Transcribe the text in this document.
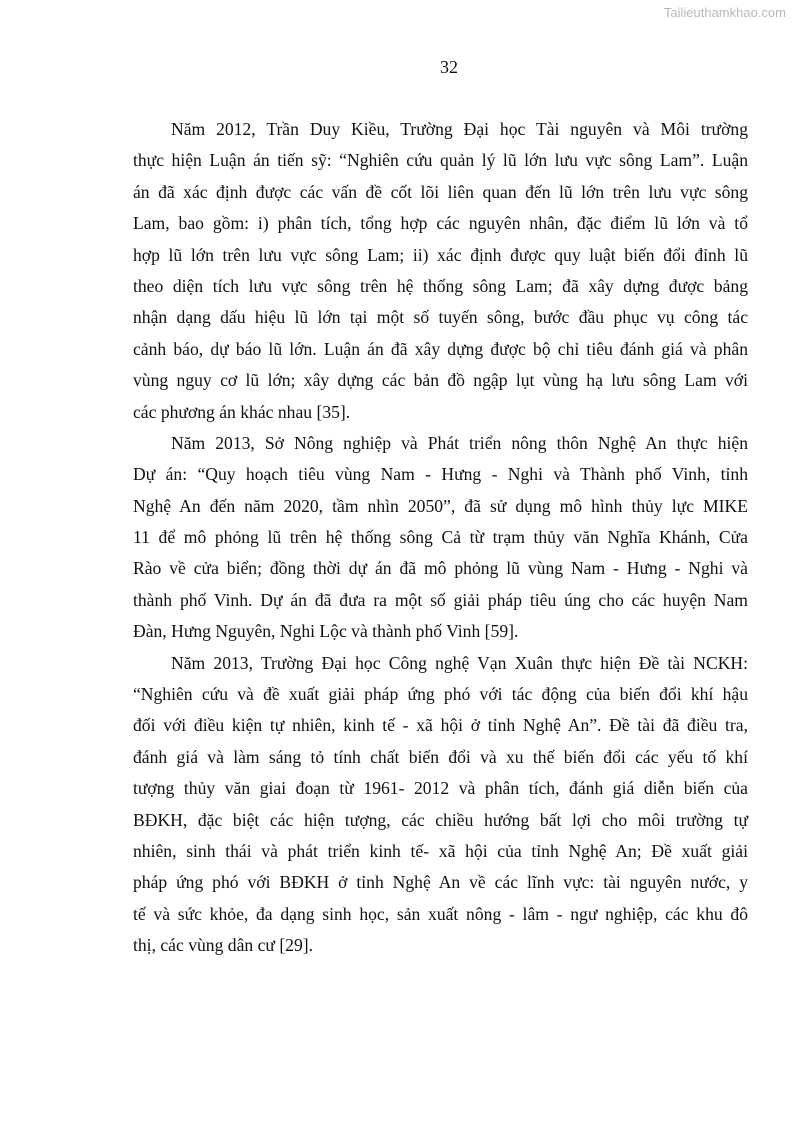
Tailieuthamkhao.com
32
Năm 2012, Trần Duy Kiều, Trường Đại học Tài nguyên và Môi trường
thực hiện Luận án tiến sỹ: “Nghiên cứu quản lý lũ lớn lưu vực sông Lam”. Luận
án đã xác định được các vấn đề cốt lõi liên quan đến lũ lớn trên lưu vực sông
Lam, bao gồm: i) phân tích, tổng hợp các nguyên nhân, đặc điểm lũ lớn và tổ
hợp lũ lớn trên lưu vực sông Lam; ii) xác định được quy luật biến đổi đỉnh lũ
theo diện tích lưu vực sông trên hệ thống sông Lam; đã xây dựng được bảng
nhận dạng dấu hiệu lũ lớn tại một số tuyến sông, bước đầu phục vụ công tác
cảnh báo, dự báo lũ lớn. Luận án đã xây dựng được bộ chỉ tiêu đánh giá và phân
vùng nguy cơ lũ lớn; xây dựng các bản đồ ngập lụt vùng hạ lưu sông Lam với
các phương án khác nhau [35].
Năm 2013, Sở Nông nghiệp và Phát triển nông thôn Nghệ An thực hiện
Dự án: “Quy hoạch tiêu vùng Nam - Hưng - Nghi và Thành phố Vinh, tỉnh
Nghệ An đến năm 2020, tầm nhìn 2050”, đã sử dụng mô hình thủy lực MIKE
11 để mô phỏng lũ trên hệ thống sông Cả từ trạm thủy văn Nghĩa Khánh, Cửa
Rào về cửa biển; đồng thời dự án đã mô phỏng lũ vùng Nam - Hưng - Nghi và
thành phố Vinh. Dự án đã đưa ra một số giải pháp tiêu úng cho các huyện Nam
Đàn, Hưng Nguyên, Nghi Lộc và thành phố Vinh [59].
Năm 2013, Trường Đại học Công nghệ Vạn Xuân thực hiện Đề tài NCKH:
“Nghiên cứu và đề xuất giải pháp ứng phó với tác động của biến đổi khí hậu
đối với điều kiện tự nhiên, kinh tế - xã hội ở tỉnh Nghệ An”. Đề tài đã điều tra,
đánh giá và làm sáng tỏ tính chất biến đổi và xu thế biến đổi các yếu tố khí
tượng thủy văn giai đoạn từ 1961- 2012 và phân tích, đánh giá diễn biến của
BĐKH, đặc biệt các hiện tượng, các chiều hướng bất lợi cho môi trường tự
nhiên, sinh thái và phát triển kinh tế- xã hội của tỉnh Nghệ An; Đề xuất giải
pháp ứng phó với BĐKH ở tỉnh Nghệ An về các lĩnh vực: tài nguyên nước, y
tế và sức khỏe, đa dạng sinh học, sản xuất nông - lâm - ngư nghiệp, các khu đô
thị, các vùng dân cư [29].
